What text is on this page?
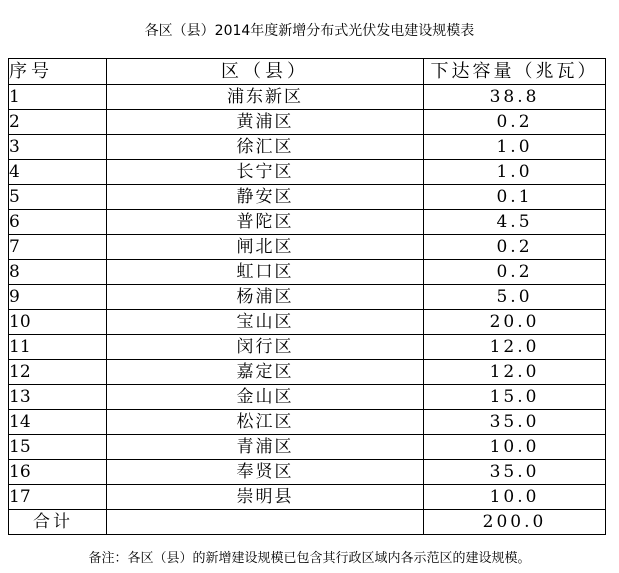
各区（县）2014年度新增分布式光伏发电建设规模表
序号	区（县）	下达容量（兆瓦）
1	浦东新区	38.8
2	黄浦区	0.2
3	徐汇区	1.0
4	长宁区	1.0
5	静安区	0.1
6	普陀区	4.5
7	闸北区	0.2
8	虹口区	0.2
9	杨浦区	5.0
10	宝山区	20.0
11	闵行区	12.0
12	嘉定区	12.0
13	金山区	15.0
14	松江区	35.0
15	青浦区	10.0
16	奉贤区	35.0
17	崇明县	10.0
合计		200.0
备注：各区（县）的新增建设规模已包含其行政区域内各示范区的建设规模。
